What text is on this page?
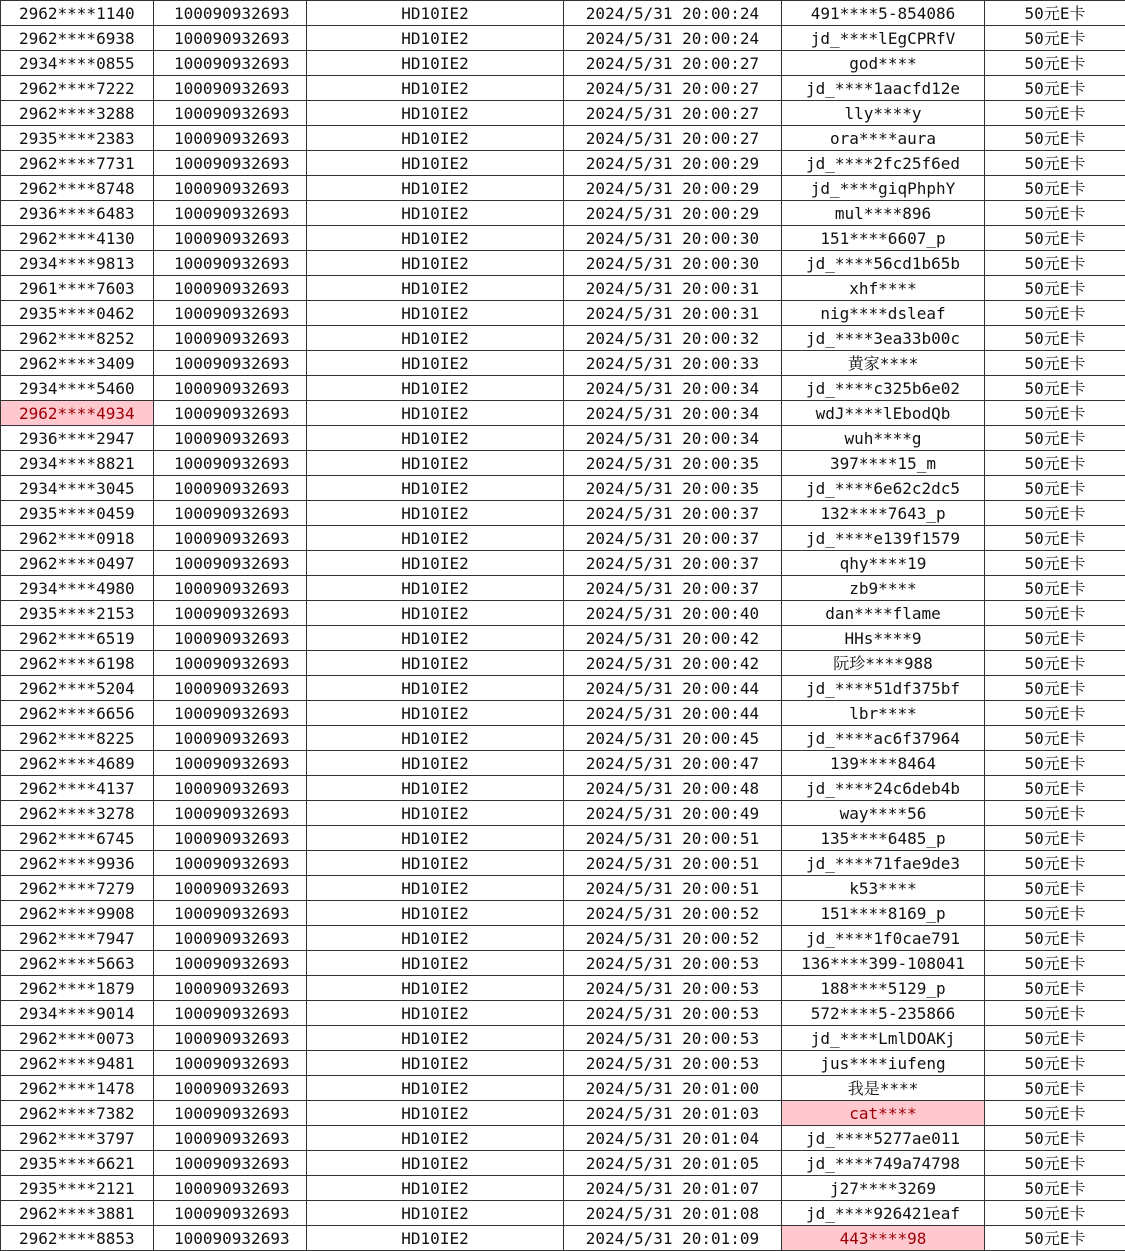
2962****1140	100090932693	HD10IE2	2024/5/31 20:00:24	491****5-854086	50元E卡
2962****6938	100090932693	HD10IE2	2024/5/31 20:00:24	jd_****lEgCPRfV	50元E卡
2934****0855	100090932693	HD10IE2	2024/5/31 20:00:27	god****	50元E卡
2962****7222	100090932693	HD10IE2	2024/5/31 20:00:27	jd_****1aacfd12e	50元E卡
2962****3288	100090932693	HD10IE2	2024/5/31 20:00:27	lly****y	50元E卡
2935****2383	100090932693	HD10IE2	2024/5/31 20:00:27	ora****aura	50元E卡
2962****7731	100090932693	HD10IE2	2024/5/31 20:00:29	jd_****2fc25f6ed	50元E卡
2962****8748	100090932693	HD10IE2	2024/5/31 20:00:29	jd_****giqPhphY	50元E卡
2936****6483	100090932693	HD10IE2	2024/5/31 20:00:29	mul****896	50元E卡
2962****4130	100090932693	HD10IE2	2024/5/31 20:00:30	151****6607_p	50元E卡
2934****9813	100090932693	HD10IE2	2024/5/31 20:00:30	jd_****56cd1b65b	50元E卡
2961****7603	100090932693	HD10IE2	2024/5/31 20:00:31	xhf****	50元E卡
2935****0462	100090932693	HD10IE2	2024/5/31 20:00:31	nig****dsleaf	50元E卡
2962****8252	100090932693	HD10IE2	2024/5/31 20:00:32	jd_****3ea33b00c	50元E卡
2962****3409	100090932693	HD10IE2	2024/5/31 20:00:33	黄家****	50元E卡
2934****5460	100090932693	HD10IE2	2024/5/31 20:00:34	jd_****c325b6e02	50元E卡
2962****4934	100090932693	HD10IE2	2024/5/31 20:00:34	wdJ****lEbodQb	50元E卡
2936****2947	100090932693	HD10IE2	2024/5/31 20:00:34	wuh****g	50元E卡
2934****8821	100090932693	HD10IE2	2024/5/31 20:00:35	397****15_m	50元E卡
2934****3045	100090932693	HD10IE2	2024/5/31 20:00:35	jd_****6e62c2dc5	50元E卡
2935****0459	100090932693	HD10IE2	2024/5/31 20:00:37	132****7643_p	50元E卡
2962****0918	100090932693	HD10IE2	2024/5/31 20:00:37	jd_****e139f1579	50元E卡
2962****0497	100090932693	HD10IE2	2024/5/31 20:00:37	qhy****19	50元E卡
2934****4980	100090932693	HD10IE2	2024/5/31 20:00:37	zb9****	50元E卡
2935****2153	100090932693	HD10IE2	2024/5/31 20:00:40	dan****flame	50元E卡
2962****6519	100090932693	HD10IE2	2024/5/31 20:00:42	HHs****9	50元E卡
2962****6198	100090932693	HD10IE2	2024/5/31 20:00:42	阮珍****988	50元E卡
2962****5204	100090932693	HD10IE2	2024/5/31 20:00:44	jd_****51df375bf	50元E卡
2962****6656	100090932693	HD10IE2	2024/5/31 20:00:44	lbr****	50元E卡
2962****8225	100090932693	HD10IE2	2024/5/31 20:00:45	jd_****ac6f37964	50元E卡
2962****4689	100090932693	HD10IE2	2024/5/31 20:00:47	139****8464	50元E卡
2962****4137	100090932693	HD10IE2	2024/5/31 20:00:48	jd_****24c6deb4b	50元E卡
2962****3278	100090932693	HD10IE2	2024/5/31 20:00:49	way****56	50元E卡
2962****6745	100090932693	HD10IE2	2024/5/31 20:00:51	135****6485_p	50元E卡
2962****9936	100090932693	HD10IE2	2024/5/31 20:00:51	jd_****71fae9de3	50元E卡
2962****7279	100090932693	HD10IE2	2024/5/31 20:00:51	k53****	50元E卡
2962****9908	100090932693	HD10IE2	2024/5/31 20:00:52	151****8169_p	50元E卡
2962****7947	100090932693	HD10IE2	2024/5/31 20:00:52	jd_****1f0cae791	50元E卡
2962****5663	100090932693	HD10IE2	2024/5/31 20:00:53	136****399-108041	50元E卡
2962****1879	100090932693	HD10IE2	2024/5/31 20:00:53	188****5129_p	50元E卡
2934****9014	100090932693	HD10IE2	2024/5/31 20:00:53	572****5-235866	50元E卡
2962****0073	100090932693	HD10IE2	2024/5/31 20:00:53	jd_****LmlDOAKj	50元E卡
2962****9481	100090932693	HD10IE2	2024/5/31 20:00:53	jus****iufeng	50元E卡
2962****1478	100090932693	HD10IE2	2024/5/31 20:01:00	我是****	50元E卡
2962****7382	100090932693	HD10IE2	2024/5/31 20:01:03	cat****	50元E卡
2962****3797	100090932693	HD10IE2	2024/5/31 20:01:04	jd_****5277ae011	50元E卡
2935****6621	100090932693	HD10IE2	2024/5/31 20:01:05	jd_****749a74798	50元E卡
2935****2121	100090932693	HD10IE2	2024/5/31 20:01:07	j27****3269	50元E卡
2962****3881	100090932693	HD10IE2	2024/5/31 20:01:08	jd_****926421eaf	50元E卡
2962****8853	100090932693	HD10IE2	2024/5/31 20:01:09	443****98	50元E卡
